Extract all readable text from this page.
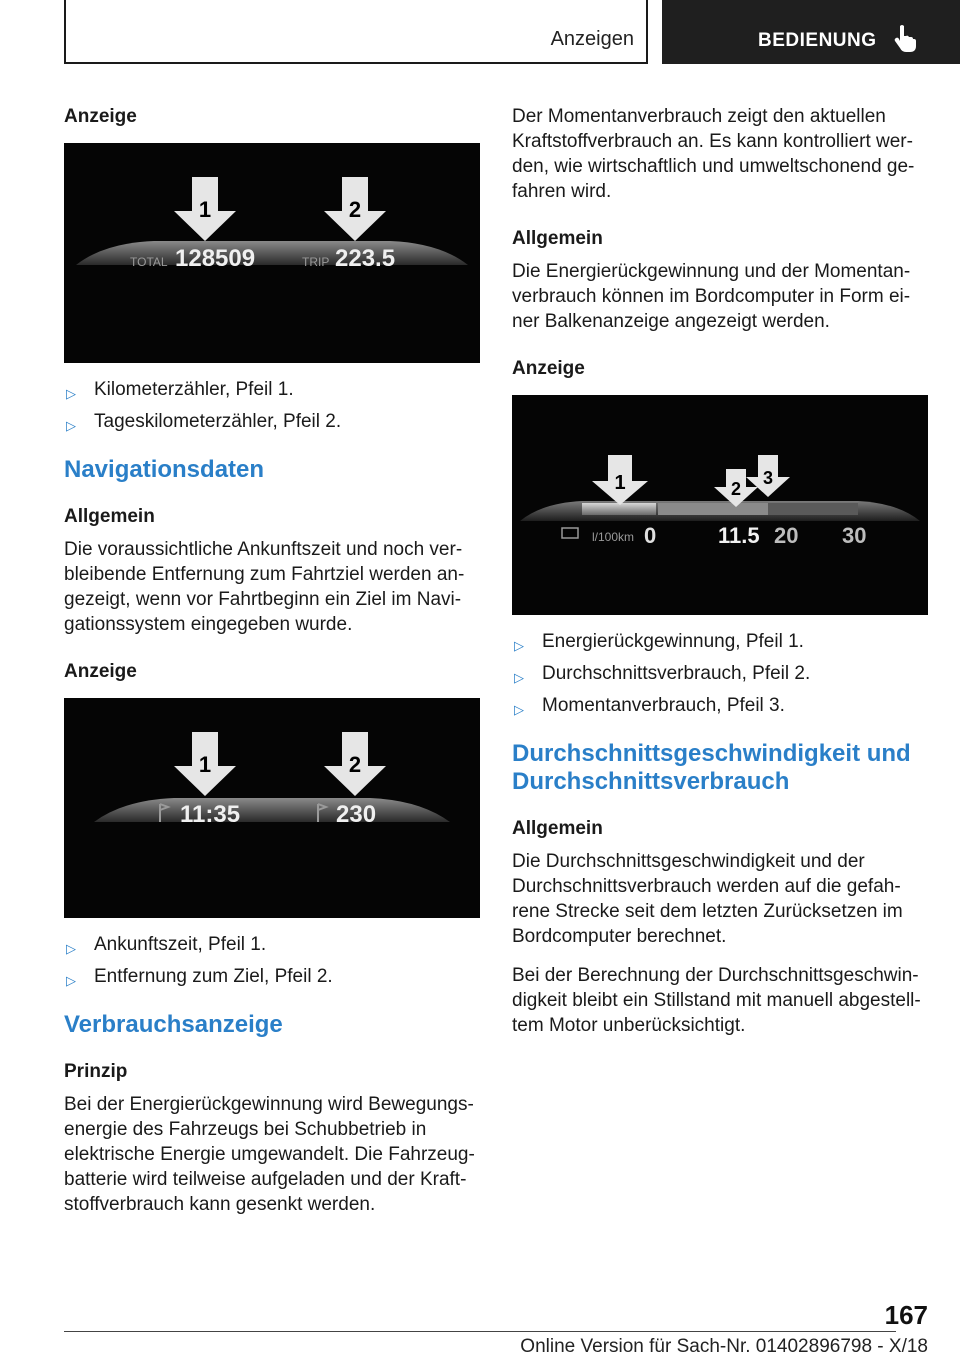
Anzeigen	BEDIENUNG
Anzeige
1	2
TOTAL 128509	TRIP 223.5
▷ Kilometerzähler, Pfeil 1.
▷ Tageskilometerzähler, Pfeil 2.
Navigationsdaten
Allgemein

Die voraussichtliche Ankunftszeit und noch ver-bleibende Entfernung zum Fahrtziel werden an-gezeigt, wenn vor Fahrtbeginn ein Ziel im Navi-gationssystem eingegeben wurde.

Anzeige
1	2
11:35	230
▷ Ankunftszeit, Pfeil 1.
▷ Entfernung zum Ziel, Pfeil 2.
Verbrauchsanzeige
Prinzip

Bei der Energierückgewinnung wird Bewegungs-energie des Fahrzeugs bei Schubbetrieb in elektrische Energie umgewandelt. Die Fahrzeug-batterie wird teilweise aufgeladen und der Kraft-stoffverbrauch kann gesenkt werden.

Der Momentanverbrauch zeigt den aktuellen Kraftstoffverbrauch an. Es kann kontrolliert wer-den, wie wirtschaftlich und umweltschonend ge-fahren wird.

Allgemein

Die Energierückgewinnung und der Momentan-verbrauch können im Bordcomputer in Form ei-ner Balkenanzeige angezeigt werden.

Anzeige
1	2
3
l/100km 0	11.5 20 30
▷ Energierückgewinnung, Pfeil 1.
▷ Durchschnittsverbrauch, Pfeil 2.
▷ Momentanverbrauch, Pfeil 3.
Durchschnittsgeschwindigkeit und Durchschnittsverbrauch
Allgemein

Die Durchschnittsgeschwindigkeit und der Durchschnittsverbrauch werden auf die gefah-rene Strecke seit dem letzten Zurücksetzen im Bordcomputer berechnet.

Bei der Berechnung der Durchschnittsgeschwin-digkeit bleibt ein Stillstand mit manuell abgestell-tem Motor unberücksichtigt.

167
Online Version für Sach-Nr. 01402896798 - X/18
